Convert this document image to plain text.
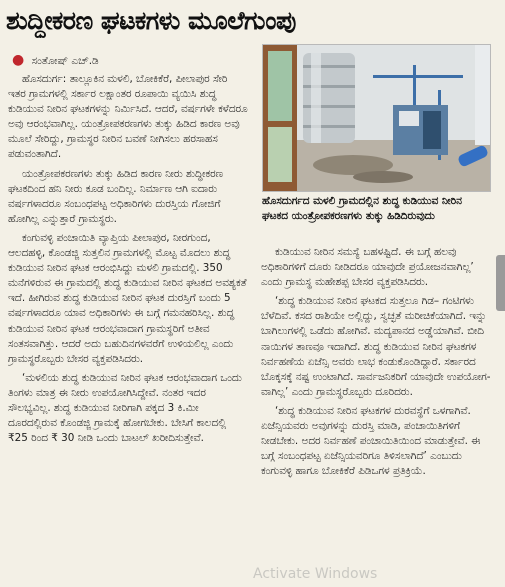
ಶುದ್ಧೀಕರಣ ಘಟಕಗಳು ಮೂಲೆಗುಂಪು
● ಸಂತೋಷ್ ಎಚ್.ಡಿ

ಹೊಸದುರ್ಗ: ತಾಲ್ಲೂಕಿನ ಮಳಲಿ, ಬೋಕಿಕೆರೆ, ಪೀಲಾಪುರ ಸೇರಿ ಇತರ ಗ್ರಾಮಗಳಲ್ಲಿ ಸರ್ಕಾರ ಲಕ್ಷಾಂತರ ರೂಪಾಯಿ ವ್ಯಯಿಸಿ ಶುದ್ಧ ಕುಡಿಯುವ ನೀರಿನ ಘಟಕಗಳನ್ನು ನಿರ್ಮಿಸಿದೆ. ಆದರೆ, ವರ್ಷಗಳೇ ಕಳೆದರೂ ಅವು ಆರಂಭವಾಗಿಲ್ಲ. ಯಂತ್ರೋಪಕರಣಗಳು ತುಕ್ಕು ಹಿಡಿದ ಕಾರಣ ಅವು ಮೂಲೆ ಸೇರಿದ್ದು, ಗ್ರಾಮಸ್ಥರ ನೀರಿನ ಬವಣೆ ನೀಗಿಸಲು ಹರಸಾಹಸ ಪಡುವಂತಾಗಿದೆ.

ಯಂತ್ರೋಪಕರಣಗಳು ತುಕ್ಕು ಹಿಡಿದ ಕಾರಣ ನೀರು ಶುದ್ಧೀಕರಣ ಘಟಕದಿಂದ ಹನಿ ನೀರು ಕೂಡ ಬಂದಿಲ್ಲ. ನಿರ್ಮಾಣ ಆಗಿ ಐದಾರು ವರ್ಷಗಳಾದರೂ ಸಂಬಂಧಪಟ್ಟ ಅಧಿಕಾರಿಗಳು ದುರಸ್ತಿಯ ಗೋಜಿಗೆ ಹೋಗಿಲ್ಲ ಎನ್ನುತ್ತಾರೆ ಗ್ರಾಮಸ್ಥರು.

ಕಂಗುವಳ್ಳಿ ಪಂಚಾಯಿತಿ ವ್ಯಾಪ್ತಿಯ ಪೀಲಾಪುರ, ನೀರಗುಂದ, ಆಲದಹಳ್ಳಿ, ಕೊಂಡಜ್ಜಿ ಸುತ್ತಲಿನ ಗ್ರಾಮಗಳಲ್ಲಿ ಮೊಟ್ಟ ಮೊದಲು ಶುದ್ಧ ಕುಡಿಯುವ ನೀರಿನ ಘಟಕ ಆರಂಭಿಸಿದ್ದು ಮಳಲಿ ಗ್ರಾಮದಲ್ಲಿ. 350 ಮನೆಗಳಿರುವ ಈ ಗ್ರಾಮದಲ್ಲಿ ಶುದ್ಧ ಕುಡಿಯುವ ನೀರಿನ ಘಟಕದ ಅವಶ್ಯಕತೆ ಇದೆ. ಹೀಗಿರುವ ಶುದ್ಧ ಕುಡಿಯುವ ನೀರಿನ ಘಟಕ ದುರಸ್ತಿಗೆ ಬಂದು 5 ವರ್ಷಗಳಾದರೂ ಯಾವ ಅಧಿಕಾರಿಗಳು ಈ ಬಗ್ಗೆ ಗಮನಹರಿಸಿಲ್ಲ. ಶುದ್ಧ ಕುಡಿಯುವ ನೀರಿನ ಘಟಕ ಆರಂಭವಾದಾಗ ಗ್ರಾಮಸ್ಥರಿಗೆ ಅತೀವ ಸಂತಸವಾಗಿತ್ತು. ಆದರೆ ಅದು ಬಹುದಿನಗಳವರೆಗೆ ಉಳಿಯಲಿಲ್ಲ ಎಂದು ಗ್ರಾಮಸ್ಥರೊಬ್ಬರು ಬೇಸರ ವ್ಯಕ್ತಪಡಿಸಿದರು.

‘ಮಳಲಿಯ ಶುದ್ಧ ಕುಡಿಯುವ ನೀರಿನ ಘಟಕ ಆರಂಭವಾದಾಗ ಒಂದು ತಿಂಗಳು ಮಾತ್ರ ಈ ನೀರು ಉಪಯೋಗಿಸಿದ್ದೇವೆ. ನಂತರ ಇದರ ಸೌಲಭ್ಯವಿಲ್ಲ. ಶುದ್ಧ ಕುಡಿಯುವ ನೀರಿಗಾಗಿ ಪಕ್ಕದ 3 ಕಿ.ಮೀ ದೂರದಲ್ಲಿರುವ ಕೊಂಡಜ್ಜಿ ಗ್ರಾಮಕ್ಕೆ ಹೋಗಬೇಕು. ಬೇಸಿಗೆ ಕಾಲದಲ್ಲಿ ₹25 ರಿಂದ ₹ 30 ನೀಡಿ ಒಂದು ಬಾಟಲ್ ಖರೀದಿಸುತ್ತೇವೆ.

ಹೊಸದುರ್ಗದ ಮಳಲಿ ಗ್ರಾಮದಲ್ಲಿನ ಶುದ್ಧ ಕುಡಿಯುವ ನೀರಿನ ಘಟಕದ ಯಂತ್ರೋಪಕರಣಗಳು ತುಕ್ಕು ಹಿಡಿದಿರುವುದು

ಕುಡಿಯುವ ನೀರಿನ ಸಮಸ್ಯೆ ಬಹಳಷ್ಟಿದೆ. ಈ ಬಗ್ಗೆ ಹಲವು ಅಧಿಕಾರಿಗಳಿಗೆ ದೂರು ನೀಡಿದರೂ ಯಾವುದೇ ಪ್ರಯೋಜನವಾಗಿಲ್ಲ’ ಎಂದು ಗ್ರಾಮಸ್ಥ ಮಹೇಶಪ್ಪ ಬೇಸರ ವ್ಯಕ್ತಪಡಿಸಿದರು.

‘ಶುದ್ಧ ಕುಡಿಯುವ ನೀರಿನ ಘಟಕದ ಸುತ್ತಲೂ ಗಿಡ– ಗಂಟಿಗಳು ಬೆಳೆದಿವೆ. ಕಸದ ರಾಶಿಯೇ ಅಲ್ಲಿದ್ದು, ಸ್ವಚ್ಛತೆ ಮರೀಚಿಕೆಯಾಗಿದೆ. ಇನ್ನು ಬಾಗಿಲುಗಳಲ್ಲಿ ಒಡೆದು ಹೋಗಿವೆ. ಮದ್ಯಪಾನದ ಅಡ್ಡೆಯಾಗಿವೆ. ಬೀದಿ ನಾಯಿಗಳ ತಾಣವೂ ಇದಾಗಿದೆ. ಶುದ್ಧ ಕುಡಿಯುವ ನೀರಿನ ಘಟಕಗಳ ನಿರ್ವಹಣೆಯ ಏಜೆನ್ಸಿ ಅವರು ಲಾಭ ಕಂಡುಕೊಂಡಿದ್ದಾರೆ. ಸರ್ಕಾರದ ಬೊಕ್ಕಸಕ್ಕೆ ನಷ್ಟ ಉಂಟಾಗಿದೆ. ಸಾರ್ವಜನಿಕರಿಗೆ ಯಾವುದೇ ಉಪಯೋಗ-ವಾಗಿಲ್ಲ’ ಎಂದು ಗ್ರಾಮಸ್ಥರೊಬ್ಬರು ದೂರಿದರು.

‘ಶುದ್ಧ ಕುಡಿಯುವ ನೀರಿನ ಘಟಕಗಳ ದುರವಸ್ಥೆಗೆ ಒಳಗಾಗಿವೆ. ಏಜೆನ್ಸಿಯವರು ಅವುಗಳನ್ನು ದುರಸ್ತಿ ಮಾಡಿ, ಪಂಚಾಯಿತಿಗಳಿಗೆ ನೀಡಬೇಕು. ಅದರ ನಿರ್ವಹಣೆ ಪಂಚಾಯಿತಿಯಿಂದ ಮಾಡುತ್ತೇವೆ. ಈ ಬಗ್ಗೆ ಸಂಬಂಧಪಟ್ಟ ಏಜೆನ್ಸಿಯವರಿಗೂ ತಿಳಿಸಲಾಗಿದೆ’ ಎಂಬುದು ಕಂಗುವಳ್ಳಿ ಹಾಗೂ ಬೋಕಿಕೆರೆ ಪಿಡಿಒಗಳ ಪ್ರತಿಕ್ರಿಯೆ.

Activate Windows
